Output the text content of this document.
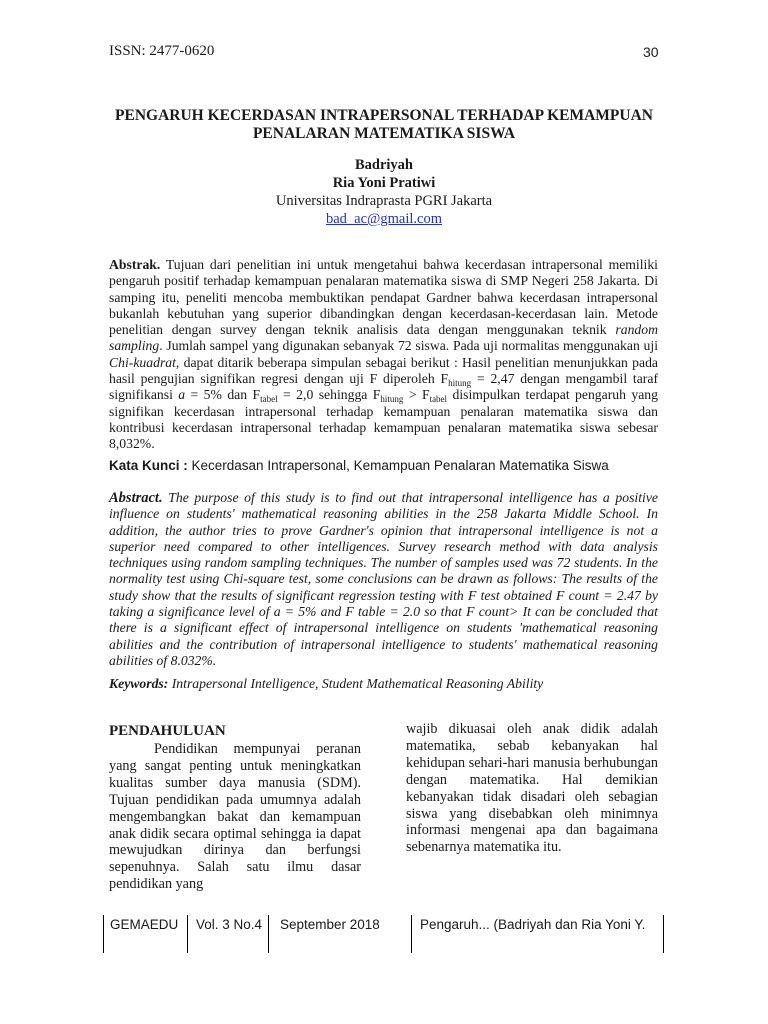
ISSN: 2477-0620	30
PENGARUH KECERDASAN INTRAPERSONAL TERHADAP KEMAMPUAN
PENALARAN MATEMATIKA SISWA
Badriyah
Ria Yoni Pratiwi
Universitas Indraprasta PGRI Jakarta
bad_ac@gmail.com
Abstrak. Tujuan dari penelitian ini untuk mengetahui bahwa kecerdasan intrapersonal memiliki pengaruh positif terhadap kemampuan penalaran matematika siswa di SMP Negeri 258 Jakarta. Di samping itu, peneliti mencoba membuktikan pendapat Gardner bahwa kecerdasan intrapersonal bukanlah kebutuhan yang superior dibandingkan dengan kecerdasan-kecerdasan lain. Metode penelitian dengan survey dengan teknik analisis data dengan menggunakan teknik random sampling. Jumlah sampel yang digunakan sebanyak 72 siswa. Pada uji normalitas menggunakan uji Chi-kuadrat, dapat ditarik beberapa simpulan sebagai berikut : Hasil penelitian menunjukkan pada hasil pengujian signifikan regresi dengan uji F diperoleh $F_{hitung} = 2,47$ dengan mengambil taraf signifikansi a = 5% dan $F_{tabel} = 2,0$ sehingga $F_{hitung} > F_{tabel}$ disimpulkan terdapat pengaruh yang signifikan kecerdasan intrapersonal terhadap kemampuan penalaran matematika siswa dan kontribusi kecerdasan intrapersonal terhadap kemampuan penalaran matematika siswa sebesar 8,032%.
Kata Kunci : Kecerdasan Intrapersonal, Kemampuan Penalaran Matematika Siswa
Abstract. The purpose of this study is to find out that intrapersonal intelligence has a positive influence on students' mathematical reasoning abilities in the 258 Jakarta Middle School. In addition, the author tries to prove Gardner's opinion that intrapersonal intelligence is not a superior need compared to other intelligences. Survey research method with data analysis techniques using random sampling techniques. The number of samples used was 72 students. In the normality test using Chi-square test, some conclusions can be drawn as follows: The results of the study show that the results of significant regression testing with F test obtained F count = 2.47 by taking a significance level of a = 5% and F table = 2.0 so that F count> It can be concluded that there is a significant effect of intrapersonal intelligence on students 'mathematical reasoning abilities and the contribution of intrapersonal intelligence to students' mathematical reasoning abilities of 8.032%.
Keywords: Intrapersonal Intelligence, Student Mathematical Reasoning Ability
PENDAHULUAN
Pendidikan mempunyai peranan yang sangat penting untuk meningkatkan kualitas sumber daya manusia (SDM). Tujuan pendidikan pada umumnya adalah mengembangkan bakat dan kemampuan anak didik secara optimal sehingga ia dapat mewujudkan dirinya dan berfungsi sepenuhnya. Salah satu ilmu dasar pendidikan yang
wajib dikuasai oleh anak didik adalah matematika, sebab kebanyakan hal kehidupan sehari-hari manusia berhubungan dengan matematika. Hal demikian kebanyakan tidak disadari oleh sebagian siswa yang disebabkan oleh minimnya informasi mengenai apa dan bagaimana sebenarnya matematika itu.
GEMAEDU Vol. 3 No.4 September 2018	Pengaruh... (Badriyah dan Ria Yoni Y.
